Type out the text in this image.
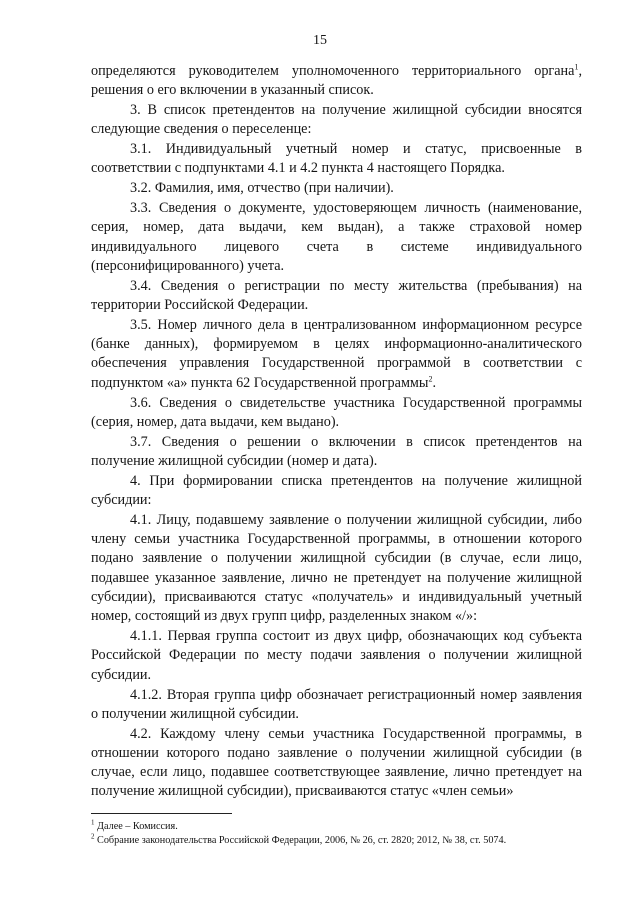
15

определяются руководителем уполномоченного территориального органа$^1$, решения о его включении в указанный список.

3. В список претендентов на получение жилищной субсидии вносятся следующие сведения о переселенце:

3.1. Индивидуальный учетный номер и статус, присвоенные в соответствии с подпунктами 4.1 и 4.2 пункта 4 настоящего Порядка.

3.2. Фамилия, имя, отчество (при наличии).

3.3. Сведения о документе, удостоверяющем личность (наименование, серия, номер, дата выдачи, кем выдан), а также страховой номер индивидуального лицевого счета в системе индивидуального (персонифицированного) учета.

3.4. Сведения о регистрации по месту жительства (пребывания) на территории Российской Федерации.

3.5. Номер личного дела в централизованном информационном ресурсе (банке данных), формируемом в целях информационно-аналитического обеспечения управления Государственной программой в соответствии с подпунктом «а» пункта 62 Государственной программы$^2$.

3.6. Сведения о свидетельстве участника Государственной программы (серия, номер, дата выдачи, кем выдано).

3.7. Сведения о решении о включении в список претендентов на получение жилищной субсидии (номер и дата).

4. При формировании списка претендентов на получение жилищной субсидии:

4.1. Лицу, подавшему заявление о получении жилищной субсидии, либо члену семьи участника Государственной программы, в отношении которого подано заявление о получении жилищной субсидии (в случае, если лицо, подавшее указанное заявление, лично не претендует на получение жилищной субсидии), присваиваются статус «получатель» и индивидуальный учетный номер, состоящий из двух групп цифр, разделенных знаком «/»:

4.1.1. Первая группа состоит из двух цифр, обозначающих код субъекта Российской Федерации по месту подачи заявления о получении жилищной субсидии.

4.1.2. Вторая группа цифр обозначает регистрационный номер заявления о получении жилищной субсидии.

4.2. Каждому члену семьи участника Государственной программы, в отношении которого подано заявление о получении жилищной субсидии (в случае, если лицо, подавшее соответствующее заявление, лично претендует на получение жилищной субсидии), присваиваются статус «член семьи»

$^1$ Далее – Комиссия.

$^2$ Собрание законодательства Российской Федерации, 2006, № 26, ст. 2820; 2012, № 38, ст. 5074.
